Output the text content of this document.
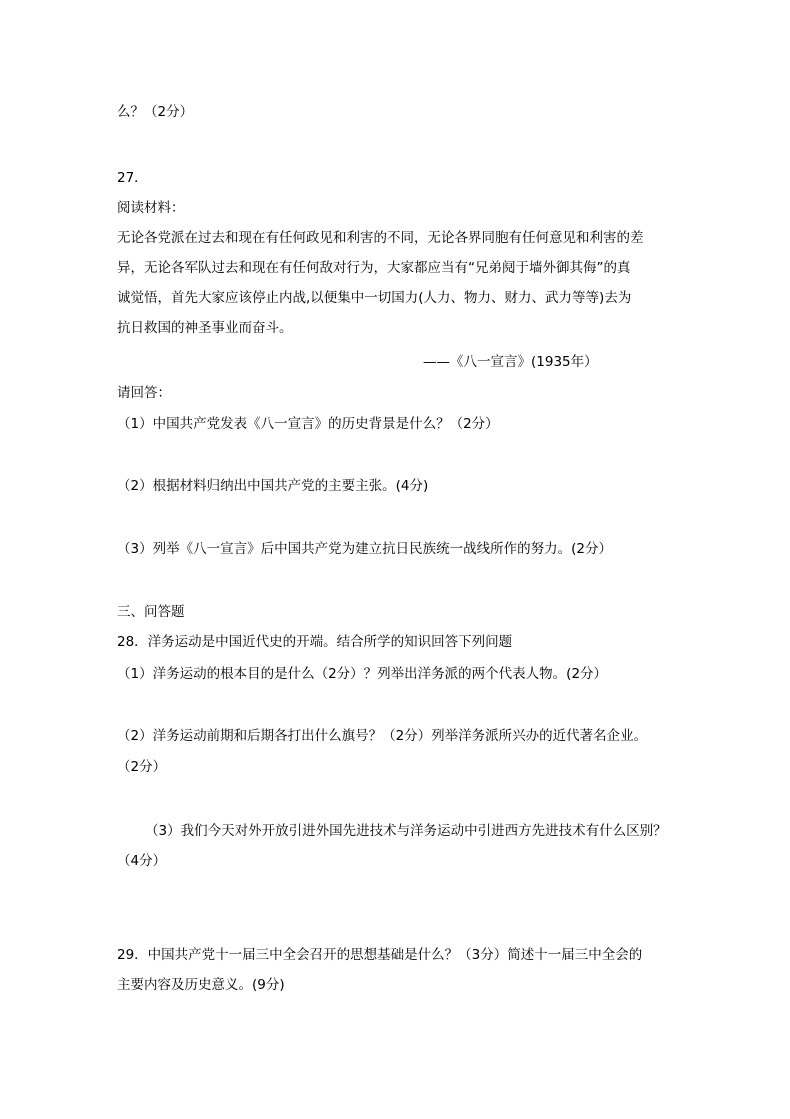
么？（2分）
27．
阅读材料：
无论各党派在过去和现在有任何政见和利害的不同，无论各界同胞有任何意见和利害的差
异，无论各军队过去和现在有任何敌对行为，大家都应当有“兄弟阋于墙外御其侮”的真
诚觉悟，首先大家应该停止内战,以便集中一切国力(人力、物力、财力、武力等等)去为
抗日救国的神圣事业而奋斗。
——《八一宣言》(1935年）
请回答：
（1）中国共产党发表《八一宣言》的历史背景是什么？（2分）
（2）根据材料归纳出中国共产党的主要主张。(4分)
（3）列举《八一宣言》后中国共产党为建立抗日民族统一战线所作的努力。(2分）
三、问答题
28．洋务运动是中国近代史的开端。结合所学的知识回答下列问题
（1）洋务运动的根本目的是什么（2分）？列举出洋务派的两个代表人物。(2分）
（2）洋务运动前期和后期各打出什么旗号？（2分）列举洋务派所兴办的近代著名企业。
（2分）
（3）我们今天对外开放引进外国先进技术与洋务运动中引进西方先进技术有什么区别？
（4分）
29．中国共产党十一届三中全会召开的思想基础是什么？（3分）简述十一届三中全会的
主要内容及历史意义。(9分)
